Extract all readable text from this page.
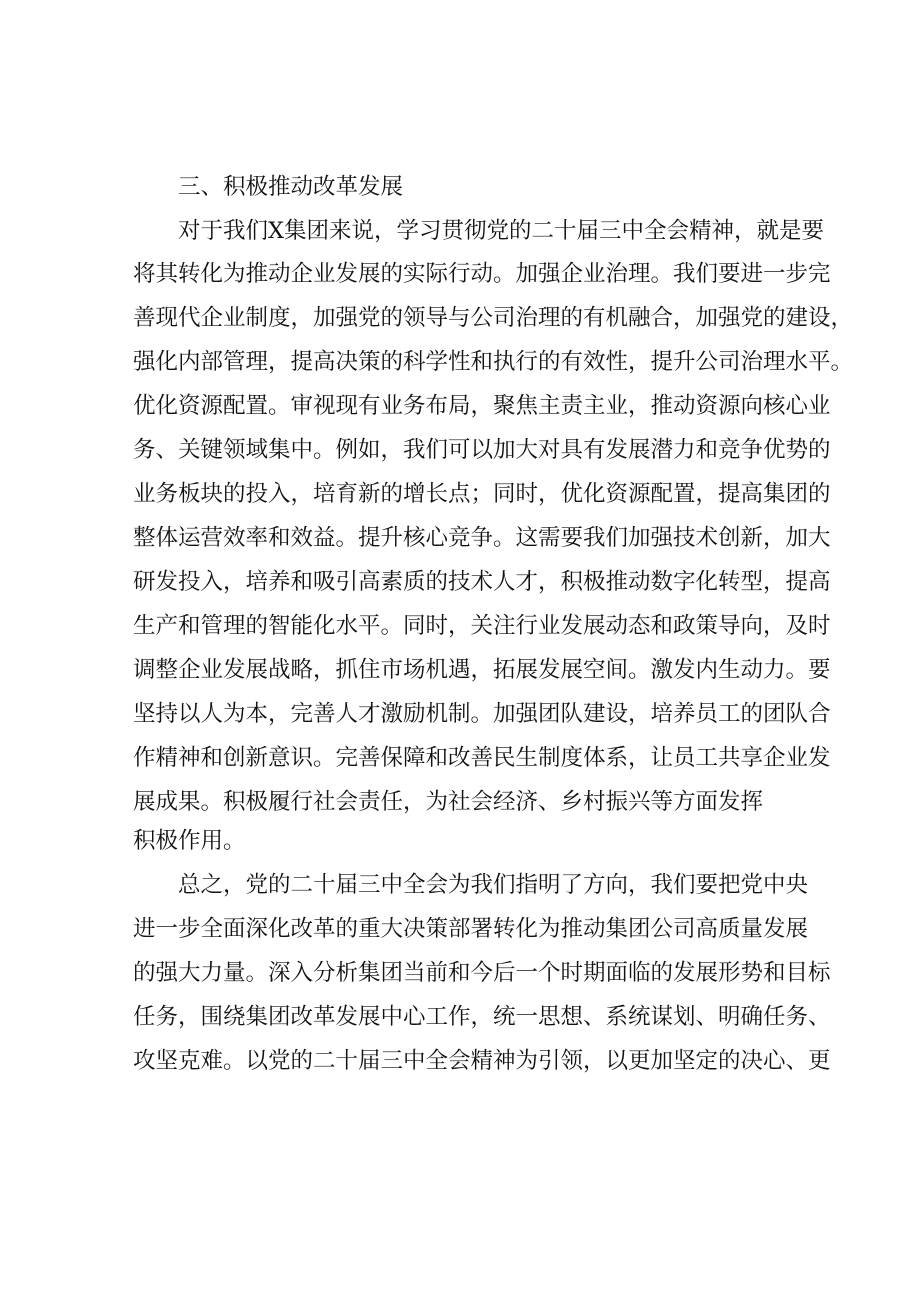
三、积极推动改革发展
对于我们X集团来说，学习贯彻党的二十届三中全会精神，就是要
将其转化为推动企业发展的实际行动。加强企业治理。我们要进一步完
善现代企业制度，加强党的领导与公司治理的有机融合，加强党的建设，
强化内部管理，提高决策的科学性和执行的有效性，提升公司治理水平。
优化资源配置。审视现有业务布局，聚焦主责主业，推动资源向核心业
务、关键领域集中。例如，我们可以加大对具有发展潜力和竞争优势的
业务板块的投入，培育新的增长点；同时，优化资源配置，提高集团的
整体运营效率和效益。提升核心竞争。这需要我们加强技术创新，加大
研发投入，培养和吸引高素质的技术人才，积极推动数字化转型，提高
生产和管理的智能化水平。同时，关注行业发展动态和政策导向，及时
调整企业发展战略，抓住市场机遇，拓展发展空间。激发内生动力。要
坚持以人为本，完善人才激励机制。加强团队建设，培养员工的团队合
作精神和创新意识。完善保障和改善民生制度体系，让员工共享企业发
展成果。积极履行社会责任，为社会经济、乡村振兴等方面发挥
积极作用。
总之，党的二十届三中全会为我们指明了方向，我们要把党中央
进一步全面深化改革的重大决策部署转化为推动集团公司高质量发展
的强大力量。深入分析集团当前和今后一个时期面临的发展形势和目标
任务，围绕集团改革发展中心工作，统一思想、系统谋划、明确任务、
攻坚克难。以党的二十届三中全会精神为引领，以更加坚定的决心、更
